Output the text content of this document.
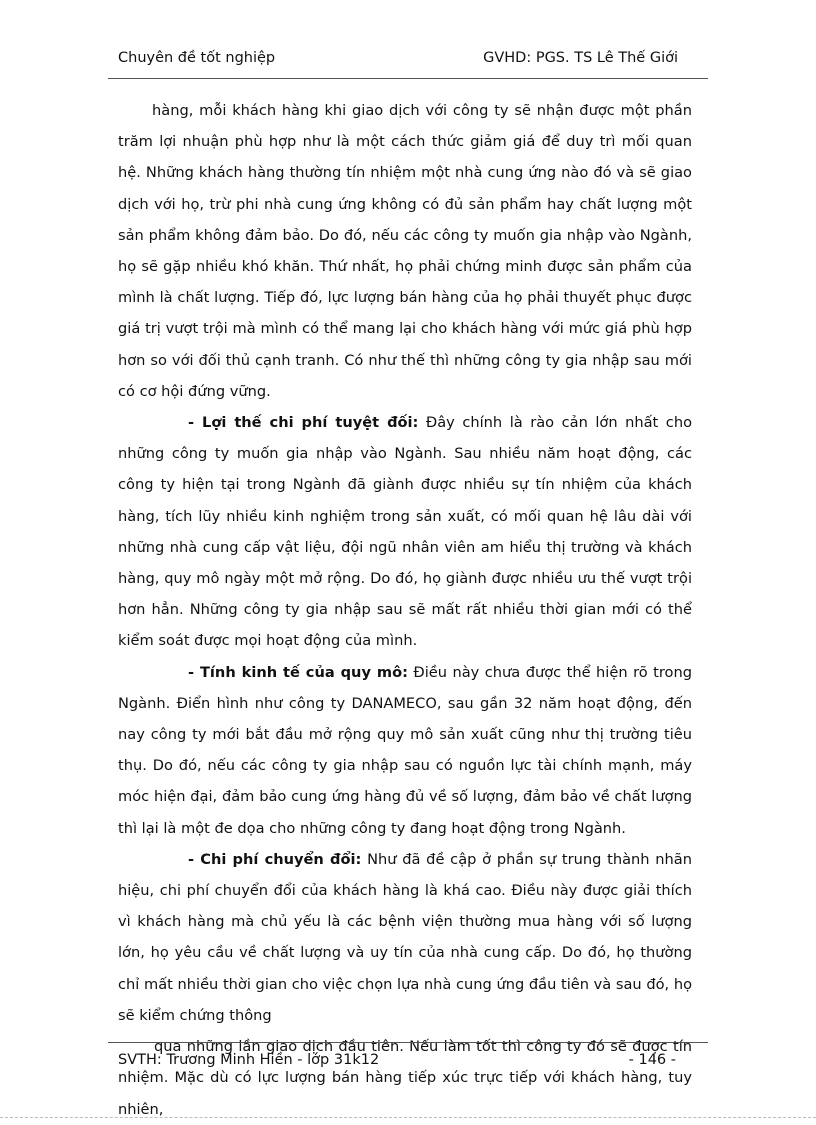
Chuyên đề tốt nghiệp	GVHD: PGS. TS Lê Thế Giới

hàng, mỗi khách hàng khi giao dịch với công ty sẽ nhận được một phần trăm lợi nhuận phù hợp như là một cách thức giảm giá để duy trì mối quan hệ. Những khách hàng thường tín nhiệm một nhà cung ứng nào đó và sẽ giao dịch với họ, trừ phi nhà cung ứng không có đủ sản phẩm hay chất lượng một sản phẩm không đảm bảo. Do đó, nếu các công ty muốn gia nhập vào Ngành, họ sẽ gặp nhiều khó khăn. Thứ nhất, họ phải chứng minh được sản phẩm của mình là chất lượng. Tiếp đó, lực lượng bán hàng của họ phải thuyết phục được giá trị vượt trội mà mình có thể mang lại cho khách hàng với mức giá phù hợp hơn so với đối thủ cạnh tranh. Có như thế thì những công ty gia nhập sau mới có cơ hội đứng vững.

- Lợi thế chi phí tuyệt đối: Đây chính là rào cản lớn nhất cho những công ty muốn gia nhập vào Ngành. Sau nhiều năm hoạt động, các công ty hiện tại trong Ngành đã giành được nhiều sự tín nhiệm của khách hàng, tích lũy nhiều kinh nghiệm trong sản xuất, có mối quan hệ lâu dài với những nhà cung cấp vật liệu, đội ngũ nhân viên am hiểu thị trường và khách hàng, quy mô ngày một mở rộng. Do đó, họ giành được nhiều ưu thế vượt trội hơn hẳn. Những công ty gia nhập sau sẽ mất rất nhiều thời gian mới có thể kiểm soát được mọi hoạt động của mình.

- Tính kinh tế của quy mô: Điều này chưa được thể hiện rõ trong Ngành. Điển hình như công ty DANAMECO, sau gần 32 năm hoạt động, đến nay công ty mới bắt đầu mở rộng quy mô sản xuất cũng như thị trường tiêu thụ. Do đó, nếu các công ty gia nhập sau có nguồn lực tài chính mạnh, máy móc hiện đại, đảm bảo cung ứng hàng đủ về số lượng, đảm bảo về chất lượng thì lại là một đe dọa cho những công ty đang hoạt động trong Ngành.

- Chi phí chuyển đổi: Như đã đề cập ở phần sự trung thành nhãn hiệu, chi phí chuyển đổi của khách hàng là khá cao. Điều này được giải thích vì khách hàng mà chủ yếu là các bệnh viện thường mua hàng với số lượng lớn, họ yêu cầu về chất lượng và uy tín của nhà cung cấp. Do đó, họ thường chỉ mất nhiều thời gian cho việc chọn lựa nhà cung ứng đầu tiên và sau đó, họ sẽ kiểm chứng thông

qua những lần giao dịch đầu tiên. Nếu làm tốt thì công ty đó sẽ được tín nhiệm. Mặc dù có lực lượng bán hàng tiếp xúc trực tiếp với khách hàng, tuy nhiên,

SVTH: Trương Minh Hiền - lớp 31k12	- 146 -
